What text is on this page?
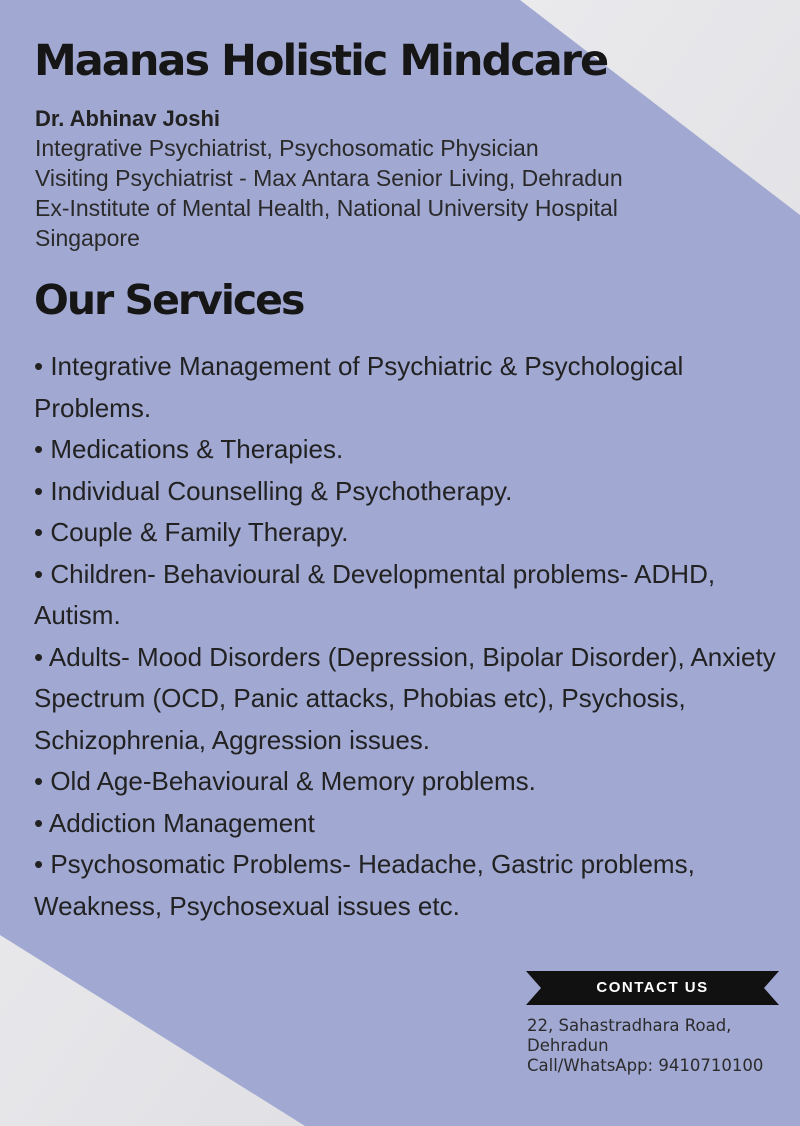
Maanas Holistic Mindcare
Dr. Abhinav Joshi
Integrative Psychiatrist, Psychosomatic Physician
Visiting Psychiatrist - Max Antara Senior Living, Dehradun
Ex-Institute of Mental Health, National University Hospital
Singapore
Our Services
• Integrative Management of Psychiatric & Psychological Problems.
• Medications & Therapies.
• Individual Counselling & Psychotherapy.
• Couple & Family Therapy.
• Children- Behavioural & Developmental problems- ADHD, Autism.
• Adults- Mood Disorders (Depression, Bipolar Disorder), Anxiety Spectrum (OCD, Panic attacks, Phobias etc), Psychosis, Schizophrenia, Aggression issues.
• Old Age-Behavioural & Memory problems.
• Addiction Management
• Psychosomatic Problems- Headache, Gastric problems, Weakness, Psychosexual issues etc.
CONTACT US
22, Sahastradhara Road,
Dehradun
Call/WhatsApp: 9410710100
